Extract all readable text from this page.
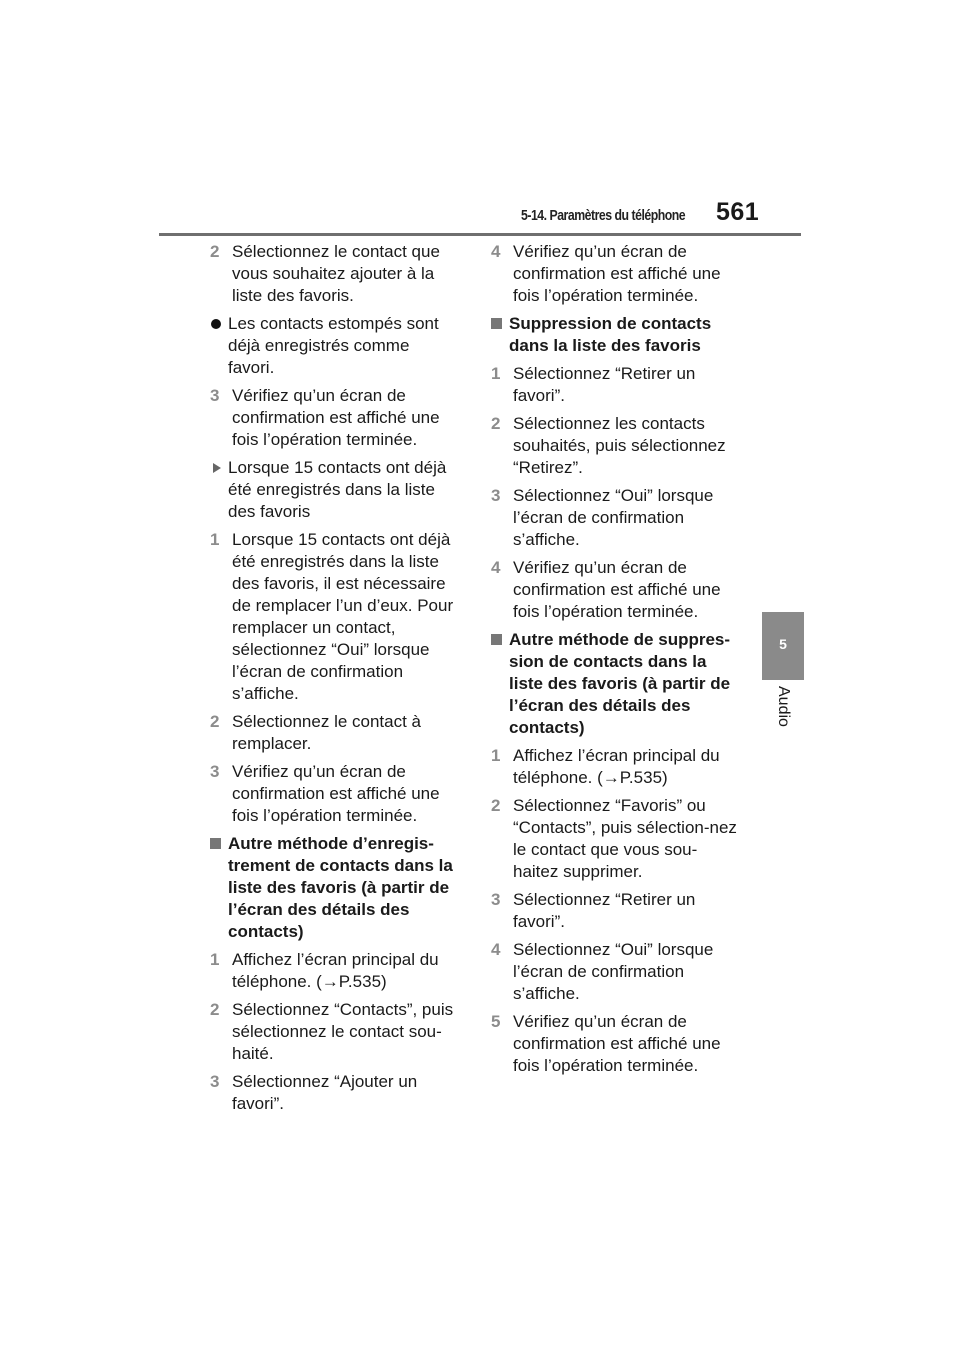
5-14. Paramètres du téléphone 561
5
Audio
2 Sélectionnez le contact que vous souhaitez ajouter à la liste des favoris.
Les contacts estompés sont déjà enregistrés comme favori.
3 Vérifiez qu’un écran de confirmation est affiché une fois l’opération terminée.
Lorsque 15 contacts ont déjà été enregistrés dans la liste des favoris
1 Lorsque 15 contacts ont déjà été enregistrés dans la liste des favoris, il est nécessaire de remplacer l’un d’eux. Pour remplacer un contact, sélectionnez “Oui” lorsque l’écran de confirmation s’affiche.
2 Sélectionnez le contact à remplacer.
3 Vérifiez qu’un écran de confirmation est affiché une fois l’opération terminée.
Autre méthode d’enregis-trement de contacts dans la liste des favoris (à partir de l’écran des détails des contacts)
1 Affichez l’écran principal du téléphone. (→P.535)
2 Sélectionnez “Contacts”, puis sélectionnez le contact sou-haité.
3 Sélectionnez “Ajouter un favori”.
4 Vérifiez qu’un écran de confirmation est affiché une fois l’opération terminée.
Suppression de contacts dans la liste des favoris
1 Sélectionnez “Retirer un favori”.
2 Sélectionnez les contacts souhaités, puis sélectionnez “Retirez”.
3 Sélectionnez “Oui” lorsque l’écran de confirmation s’affiche.
4 Vérifiez qu’un écran de confirmation est affiché une fois l’opération terminée.
Autre méthode de suppres-sion de contacts dans la liste des favoris (à partir de l’écran des détails des contacts)
1 Affichez l’écran principal du téléphone. (→P.535)
2 Sélectionnez “Favoris” ou “Contacts”, puis sélection-nez le contact que vous sou-haitez supprimer.
3 Sélectionnez “Retirer un favori”.
4 Sélectionnez “Oui” lorsque l’écran de confirmation s’affiche.
5 Vérifiez qu’un écran de confirmation est affiché une fois l’opération terminée.
